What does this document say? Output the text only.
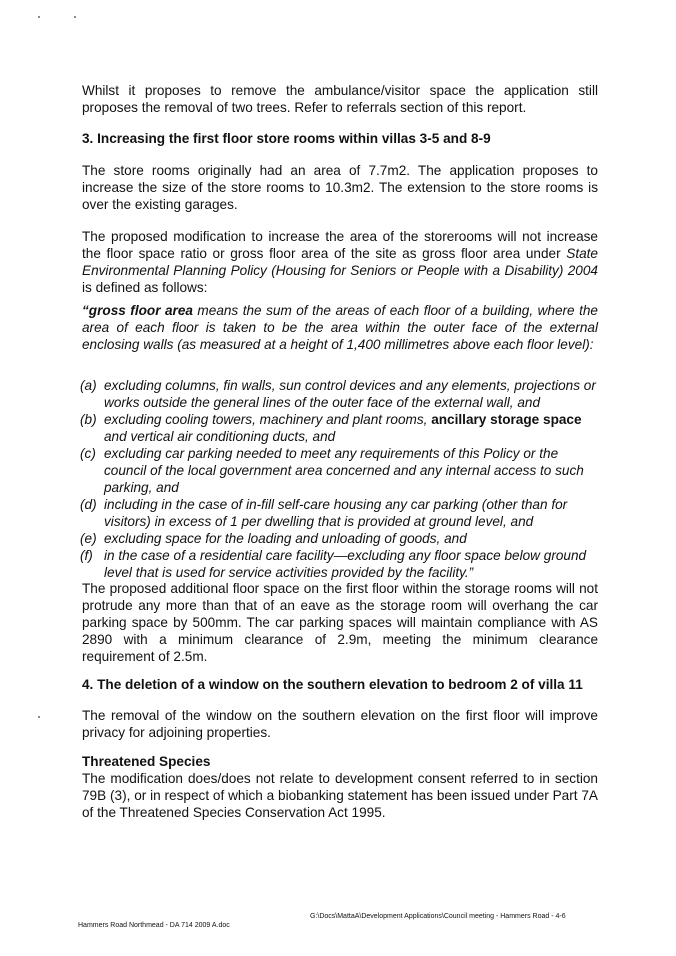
Whilst it proposes to remove the ambulance/visitor space the application still proposes the removal of two trees. Refer to referrals section of this report.
3. Increasing the first floor store rooms within villas 3-5 and 8-9
The store rooms originally had an area of 7.7m2. The application proposes to increase the size of the store rooms to 10.3m2. The extension to the store rooms is over the existing garages.
The proposed modification to increase the area of the storerooms will not increase the floor space ratio or gross floor area of the site as gross floor area under State Environmental Planning Policy (Housing for Seniors or People with a Disability) 2004 is defined as follows:
“gross floor area means the sum of the areas of each floor of a building, where the area of each floor is taken to be the area within the outer face of the external enclosing walls (as measured at a height of 1,400 millimetres above each floor level):
(a) excluding columns, fin walls, sun control devices and any elements, projections or works outside the general lines of the outer face of the external wall, and
(b) excluding cooling towers, machinery and plant rooms, ancillary storage space and vertical air conditioning ducts, and
(c) excluding car parking needed to meet any requirements of this Policy or the council of the local government area concerned and any internal access to such parking, and
(d) including in the case of in-fill self-care housing any car parking (other than for visitors) in excess of 1 per dwelling that is provided at ground level, and
(e) excluding space for the loading and unloading of goods, and
(f) in the case of a residential care facility—excluding any floor space below ground level that is used for service activities provided by the facility.”
The proposed additional floor space on the first floor within the storage rooms will not protrude any more than that of an eave as the storage room will overhang the car parking space by 500mm. The car parking spaces will maintain compliance with AS 2890 with a minimum clearance of 2.9m, meeting the minimum clearance requirement of 2.5m.
4. The deletion of a window on the southern elevation to bedroom 2 of villa 11
The removal of the window on the southern elevation on the first floor will improve privacy for adjoining properties.
Threatened Species
The modification does/does not relate to development consent referred to in section 79B (3), or in respect of which a biobanking statement has been issued under Part 7A of the Threatened Species Conservation Act 1995.
Hammers Road Northmead - DA 714 2009 A.doc
G:\Docs\MattaA\Development Applications\Council meeting - Hammers Road - 4-6
